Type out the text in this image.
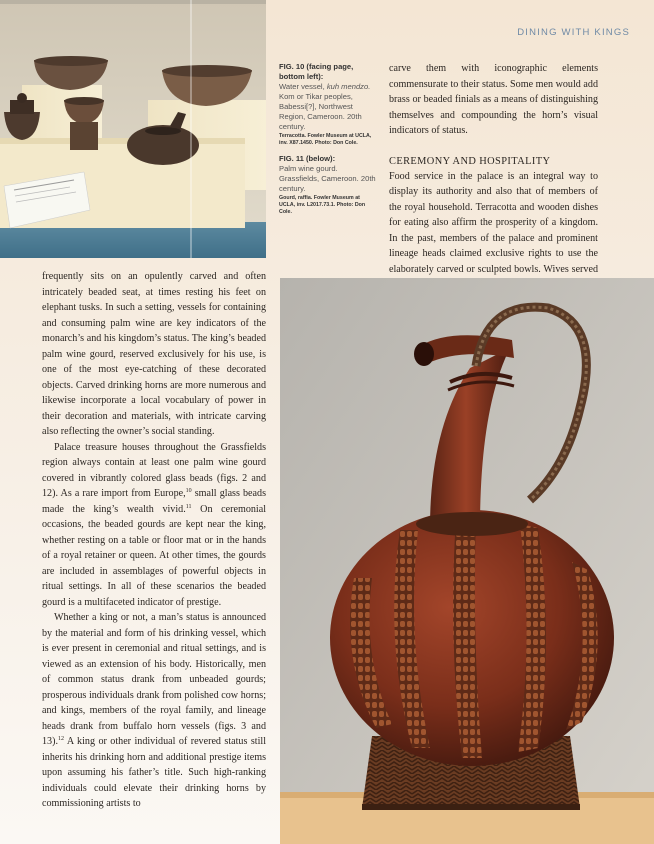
DINING WITH KINGS
FIG. 10 (facing page, bottom left):
Water vessel, kuh mendzo. Kom or Tikar peoples, Babessi[?], Northwest Region, Cameroon. 20th century.
Terracotta. Fowler Museum at UCLA, inv. X87.1450. Photo: Don Cole.
FIG. 11 (below):
Palm wine gourd. Grassfields, Cameroon. 20th century.
Gourd, raffia. Fowler Museum at UCLA, inv. L2017.73.1. Photo: Don Cole.

carve them with iconographic elements commensurate to their status. Some men would add brass or beaded finials as a means of distinguishing themselves and compounding the horn’s visual indicators of status.

CEREMONY AND HOSPITALITY

Food service in the palace is an integral way to display its authority and also that of members of the royal household. Terracotta and wooden dishes for eating also affirm the prosperity of a kingdom. In the past, members of the palace and prominent lineage heads claimed exclusive rights to use the elaborately carved or sculpted bowls. Wives served

frequently sits on an opulently carved and often intricately beaded seat, at times resting his feet on elephant tusks. In such a setting, vessels for containing and consuming palm wine are key indicators of the monarch’s and his kingdom’s status. The king’s beaded palm wine gourd, reserved exclusively for his use, is one of the most eye-catching of these decorated objects. Carved drinking horns are more numerous and likewise incorporate a local vocabulary of power in their decoration and materials, with intricate carving also reflecting the owner’s social standing.

Palace treasure houses throughout the Grassfields region always contain at least one palm wine gourd covered in vibrantly colored glass beads (figs. 2 and 12). As a rare import from Europe,$^{10}$ small glass beads made the king’s wealth vivid.$^{11}$ On ceremonial occasions, the beaded gourds are kept near the king, whether resting on a table or floor mat or in the hands of a royal retainer or queen. At other times, the gourds are included in assemblages of powerful objects in ritual settings. In all of these scenarios the beaded gourd is a multifaceted indicator of prestige.

Whether a king or not, a man’s status is announced by the material and form of his drinking vessel, which is ever present in ceremonial and ritual settings, and is viewed as an extension of his body. Historically, men of common status drank from unbeaded gourds; prosperous individuals drank from polished cow horns; and kings, members of the royal family, and lineage heads drank from buffalo horn vessels (figs. 3 and 13).$^{12}$ A king or other individual of revered status still inherits his drinking horn and additional prestige items upon assuming his father’s title. Such high-ranking individuals could elevate their drinking horns by commissioning artists to
